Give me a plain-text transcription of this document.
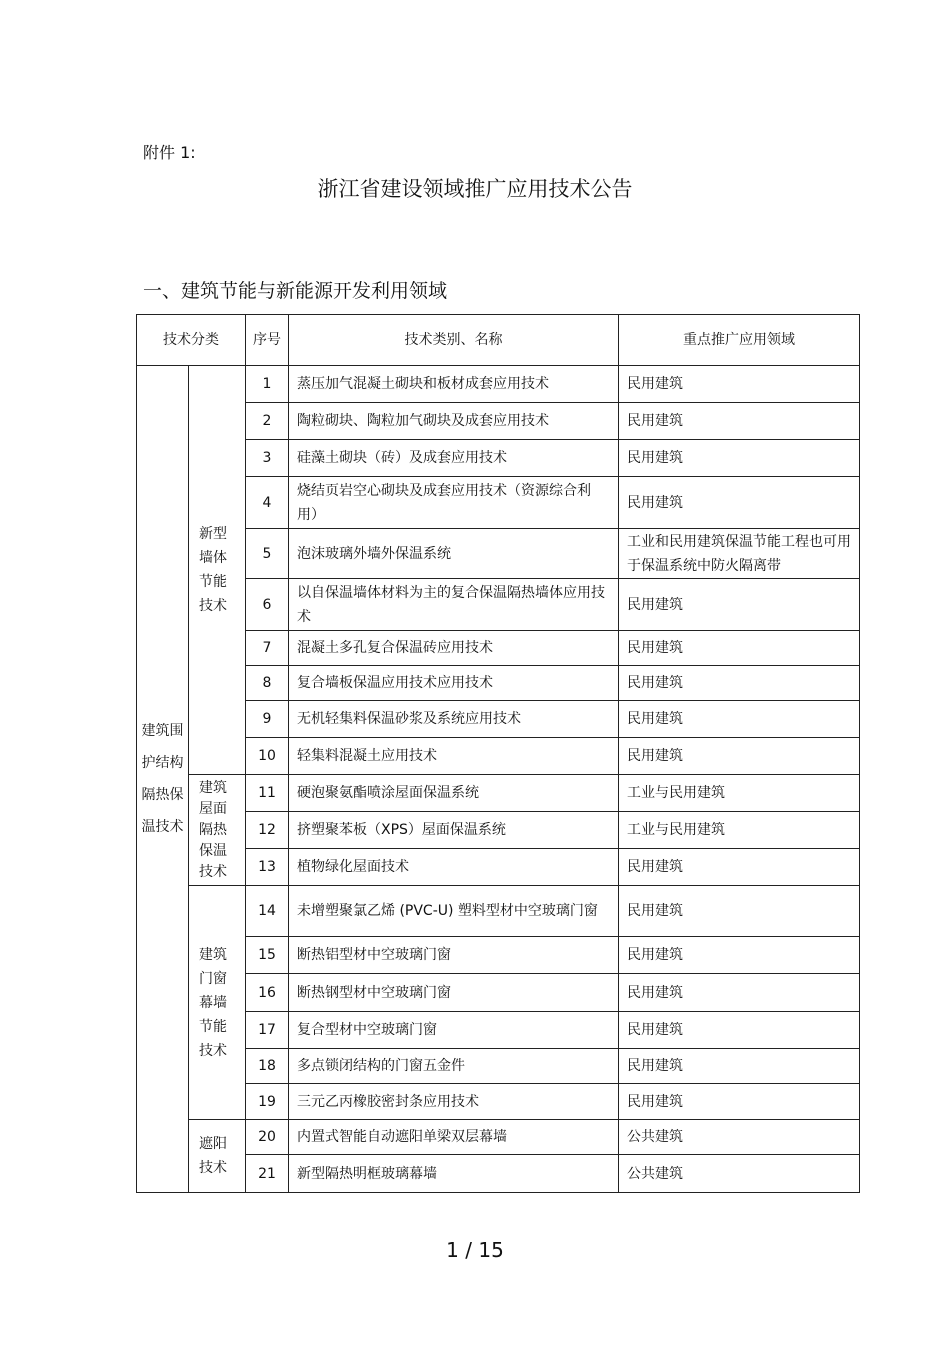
附件 1:
浙江省建设领域推广应用技术公告
一、建筑节能与新能源开发利用领域
技术分类		序号	技术类别、名称	重点推广应用领域
建筑围护结构隔热保温技术	新型墙体节能技术	1	蒸压加气混凝土砌块和板材成套应用技术	民用建筑
		2	陶粒砌块、陶粒加气砌块及成套应用技术	民用建筑
		3	硅藻土砌块（砖）及成套应用技术	民用建筑
		4	烧结页岩空心砌块及成套应用技术（资源综合利用）	民用建筑
		5	泡沫玻璃外墙外保温系统	工业和民用建筑保温节能工程也可用于保温系统中防火隔离带
		6	以自保温墙体材料为主的复合保温隔热墙体应用技术	民用建筑
		7	混凝土多孔复合保温砖应用技术	民用建筑
		8	复合墙板保温应用技术应用技术	民用建筑
		9	无机轻集料保温砂浆及系统应用技术	民用建筑
		10	轻集料混凝土应用技术	民用建筑
	建筑屋面隔热保温技术	11	硬泡聚氨酯喷涂屋面保温系统	工业与民用建筑
		12	挤塑聚苯板（XPS）屋面保温系统	工业与民用建筑
		13	植物绿化屋面技术	民用建筑
	建筑门窗幕墙节能技术	14	未增塑聚氯乙烯 (PVC-U) 塑料型材中空玻璃门窗	民用建筑
		15	断热铝型材中空玻璃门窗	民用建筑
		16	断热钢型材中空玻璃门窗	民用建筑
		17	复合型材中空玻璃门窗	民用建筑
		18	多点锁闭结构的门窗五金件	民用建筑
		19	三元乙丙橡胶密封条应用技术	民用建筑
	遮阳技术	20	内置式智能自动遮阳单梁双层幕墙	公共建筑
		21	新型隔热明框玻璃幕墙	公共建筑
1 / 15
